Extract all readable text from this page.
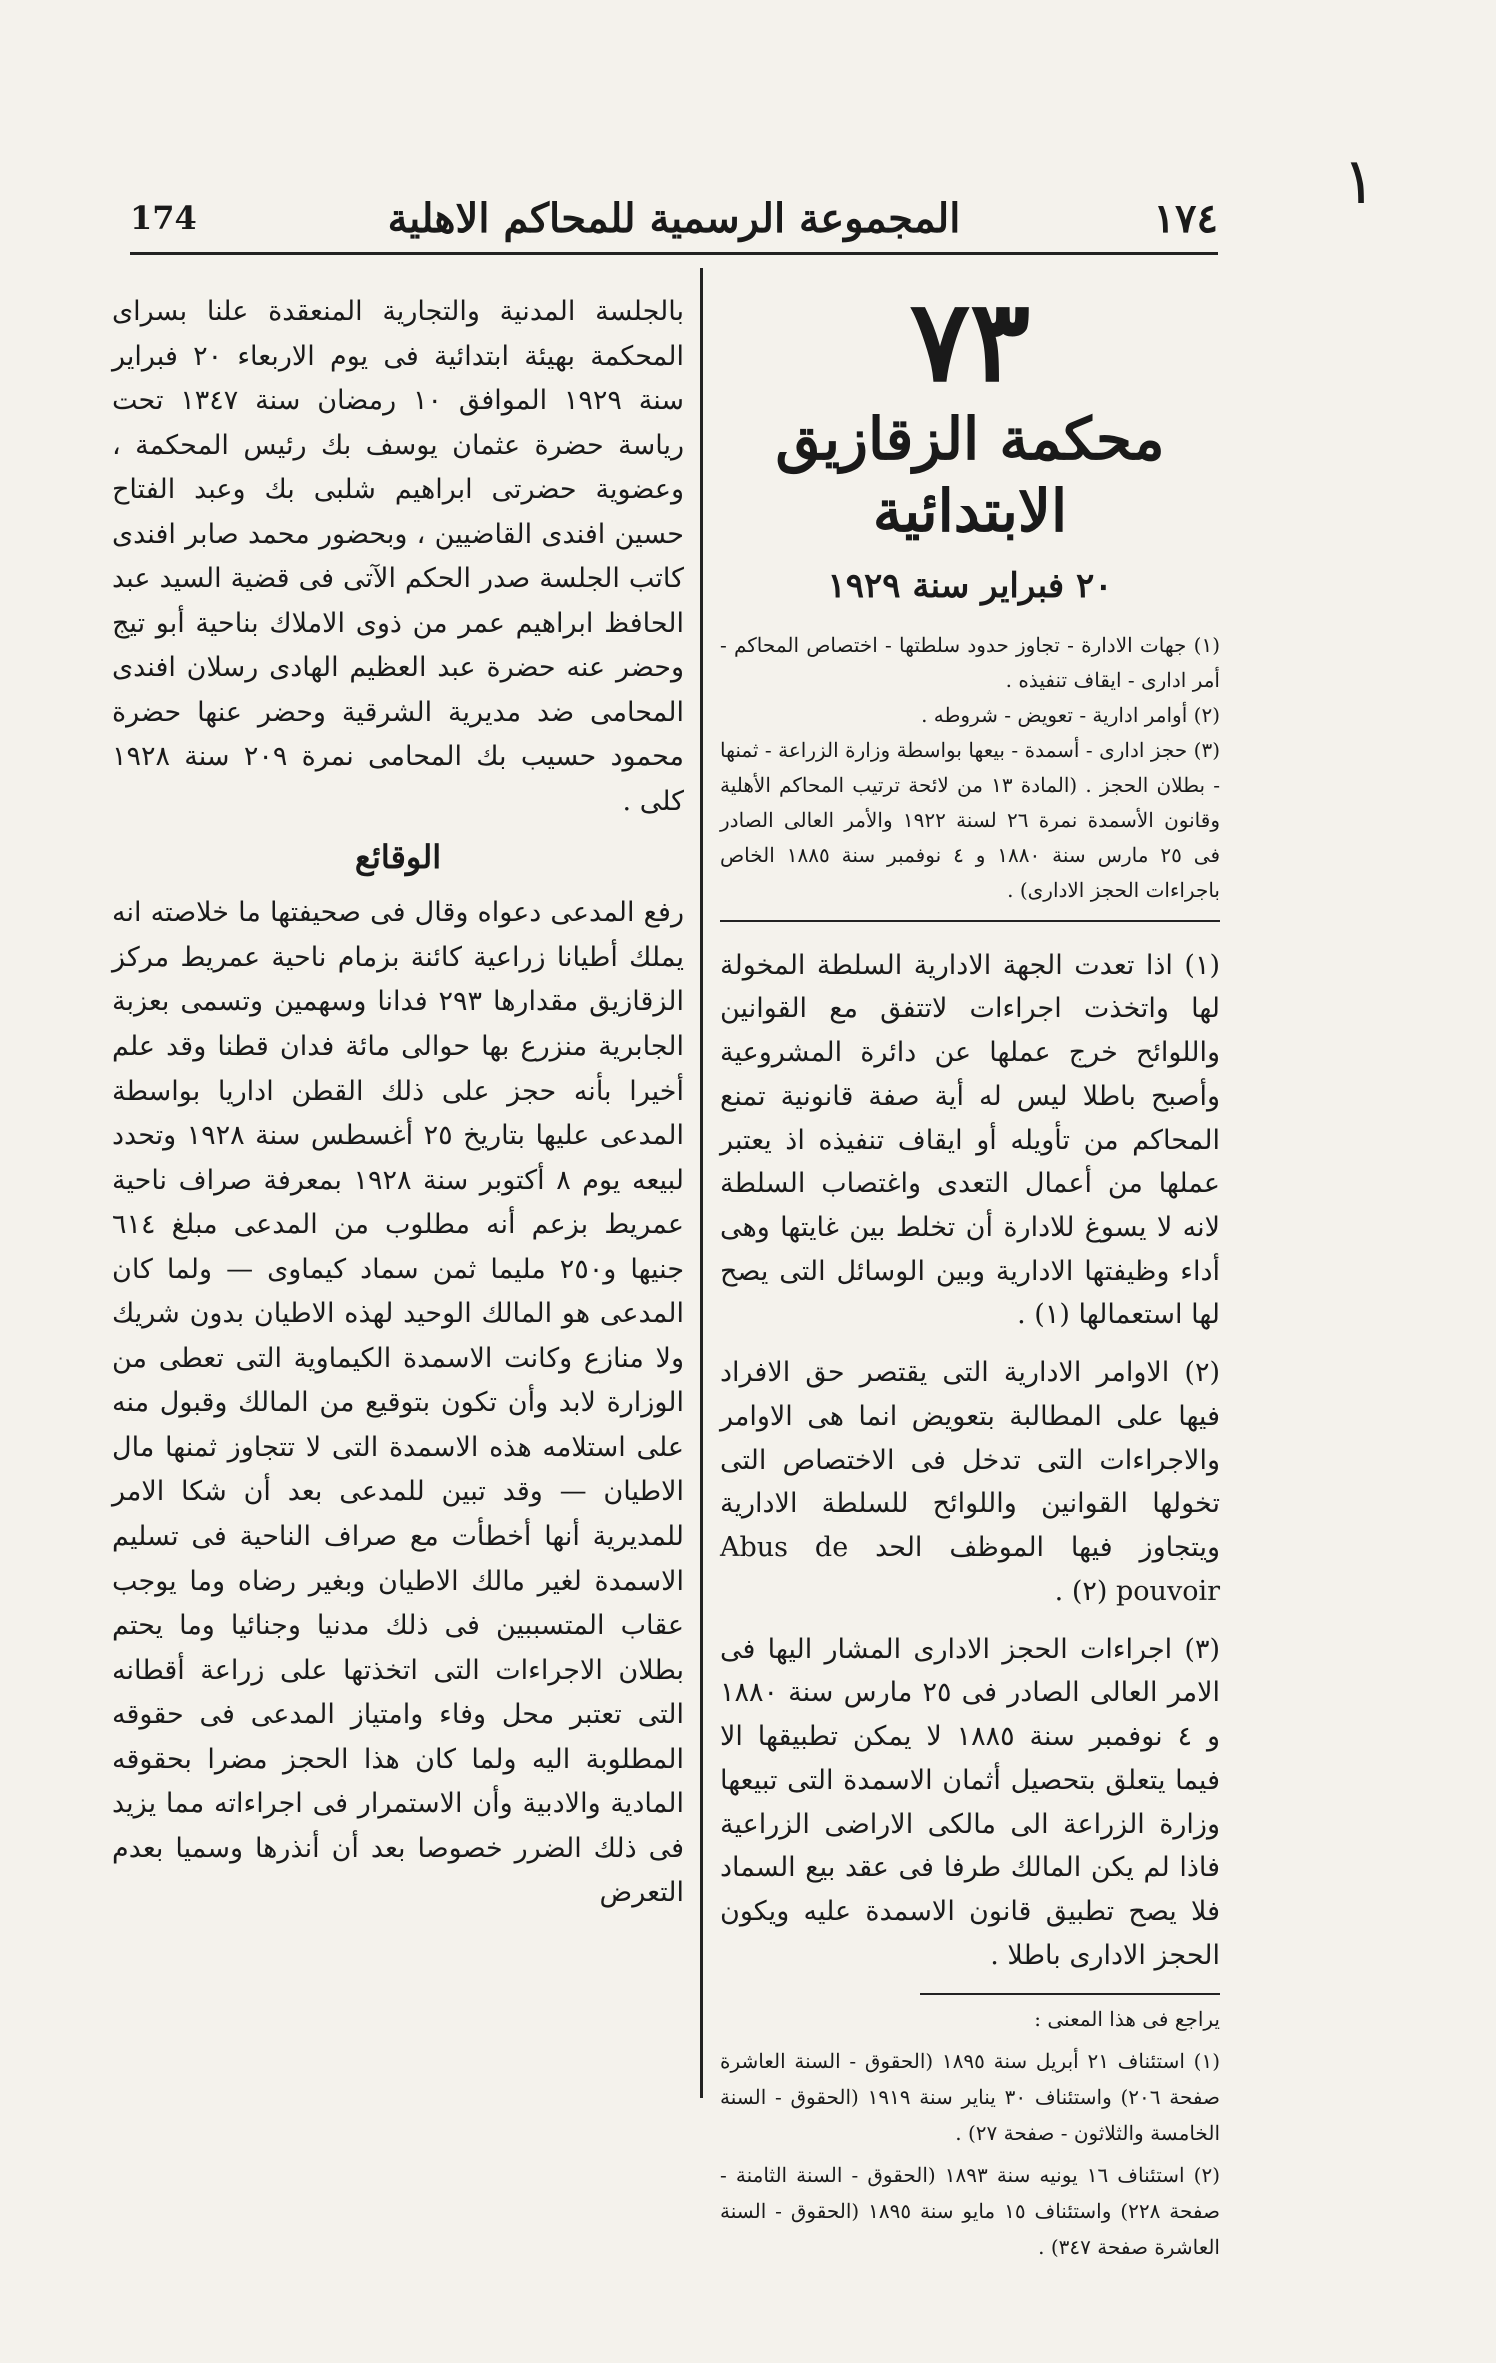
١
١٧٤
المجموعة الرسمية للمحاكم الاهلية
174
٧٣
محكمة الزقازيق الابتدائية
٢٠ فبراير سنة ١٩٢٩

(١) جهات الادارة - تجاوز حدود سلطتها - اختصاص المحاكم - أمر ادارى - ايقاف تنفيذه .

(٢) أوامر ادارية - تعويض - شروطه .

(٣) حجز ادارى - أسمدة - بيعها بواسطة وزارة الزراعة - ثمنها - بطلان الحجز . (المادة ١٣ من لائحة ترتيب المحاكم الأهلية وقانون الأسمدة نمرة ٢٦ لسنة ١٩٢٢ والأمر العالى الصادر فى ٢٥ مارس سنة ١٨٨٠ و ٤ نوفمبر سنة ١٨٨٥ الخاص باجراءات الحجز الادارى) .

(١) اذا تعدت الجهة الادارية السلطة المخولة لها واتخذت اجراءات لاتتفق مع القوانين واللوائح خرج عملها عن دائرة المشروعية وأصبح باطلا ليس له أية صفة قانونية تمنع المحاكم من تأويله أو ايقاف تنفيذه اذ يعتبر عملها من أعمال التعدى واغتصاب السلطة لانه لا يسوغ للادارة أن تخلط بين غايتها وهى أداء وظيفتها الادارية وبين الوسائل التى يصح لها استعمالها (١) .

(٢) الاوامر الادارية التى يقتصر حق الافراد فيها على المطالبة بتعويض انما هى الاوامر والاجراءات التى تدخل فى الاختصاص التى تخولها القوانين واللوائح للسلطة الادارية ويتجاوز فيها الموظف الحد Abus de pouvoir (٢) .

(٣) اجراءات الحجز الادارى المشار اليها فى الامر العالى الصادر فى ٢٥ مارس سنة ١٨٨٠ و ٤ نوفمبر سنة ١٨٨٥ لا يمكن تطبيقها الا فيما يتعلق بتحصيل أثمان الاسمدة التى تبيعها وزارة الزراعة الى مالكى الاراضى الزراعية فاذا لم يكن المالك طرفا فى عقد بيع السماد فلا يصح تطبيق قانون الاسمدة عليه ويكون الحجز الادارى باطلا .

يراجع فى هذا المعنى :

(١) استئناف ٢١ أبريل سنة ١٨٩٥ (الحقوق - السنة العاشرة صفحة ٢٠٦) واستئناف ٣٠ يناير سنة ١٩١٩ (الحقوق - السنة الخامسة والثلاثون - صفحة ٢٧) .

(٢) استئناف ١٦ يونيه سنة ١٨٩٣ (الحقوق - السنة الثامنة - صفحة ٢٢٨) واستئناف ١٥ مايو سنة ١٨٩٥ (الحقوق - السنة العاشرة صفحة ٣٤٧) .

بالجلسة المدنية والتجارية المنعقدة علنا بسراى المحكمة بهيئة ابتدائية فى يوم الاربعاء ٢٠ فبراير سنة ١٩٢٩ الموافق ١٠ رمضان سنة ١٣٤٧ تحت رياسة حضرة عثمان يوسف بك رئيس المحكمة ، وعضوية حضرتى ابراهيم شلبى بك وعبد الفتاح حسين افندى القاضيين ، وبحضور محمد صابر افندى كاتب الجلسة صدر الحكم الآتى فى قضية السيد عبد الحافظ ابراهيم عمر من ذوى الاملاك بناحية أبو تيج وحضر عنه حضرة عبد العظيم الهادى رسلان افندى المحامى ضد مديرية الشرقية وحضر عنها حضرة محمود حسيب بك المحامى نمرة ٢٠٩ سنة ١٩٢٨ كلى .

الوقائع

رفع المدعى دعواه وقال فى صحيفتها ما خلاصته انه يملك أطيانا زراعية كائنة بزمام ناحية عمريط مركز الزقازيق مقدارها ٢٩٣ فدانا وسهمين وتسمى بعزبة الجابرية منزرع بها حوالى مائة فدان قطنا وقد علم أخيرا بأنه حجز على ذلك القطن اداريا بواسطة المدعى عليها بتاريخ ٢٥ أغسطس سنة ١٩٢٨ وتحدد لبيعه يوم ٨ أكتوبر سنة ١٩٢٨ بمعرفة صراف ناحية عمريط بزعم أنه مطلوب من المدعى مبلغ ٦١٤ جنيها و٢٥٠ مليما ثمن سماد كيماوى — ولما كان المدعى هو المالك الوحيد لهذه الاطيان بدون شريك ولا منازع وكانت الاسمدة الكيماوية التى تعطى من الوزارة لابد وأن تكون بتوقيع من المالك وقبول منه على استلامه هذه الاسمدة التى لا تتجاوز ثمنها مال الاطيان — وقد تبين للمدعى بعد أن شكا الامر للمديرية أنها أخطأت مع صراف الناحية فى تسليم الاسمدة لغير مالك الاطيان وبغير رضاه وما يوجب عقاب المتسببين فى ذلك مدنيا وجنائيا وما يحتم بطلان الاجراءات التى اتخذتها على زراعة أقطانه التى تعتبر محل وفاء وامتياز المدعى فى حقوقه المطلوبة اليه ولما كان هذا الحجز مضرا بحقوقه المادية والادبية وأن الاستمرار فى اجراءاته مما يزيد فى ذلك الضرر خصوصا بعد أن أنذرها وسميا بعدم التعرض
